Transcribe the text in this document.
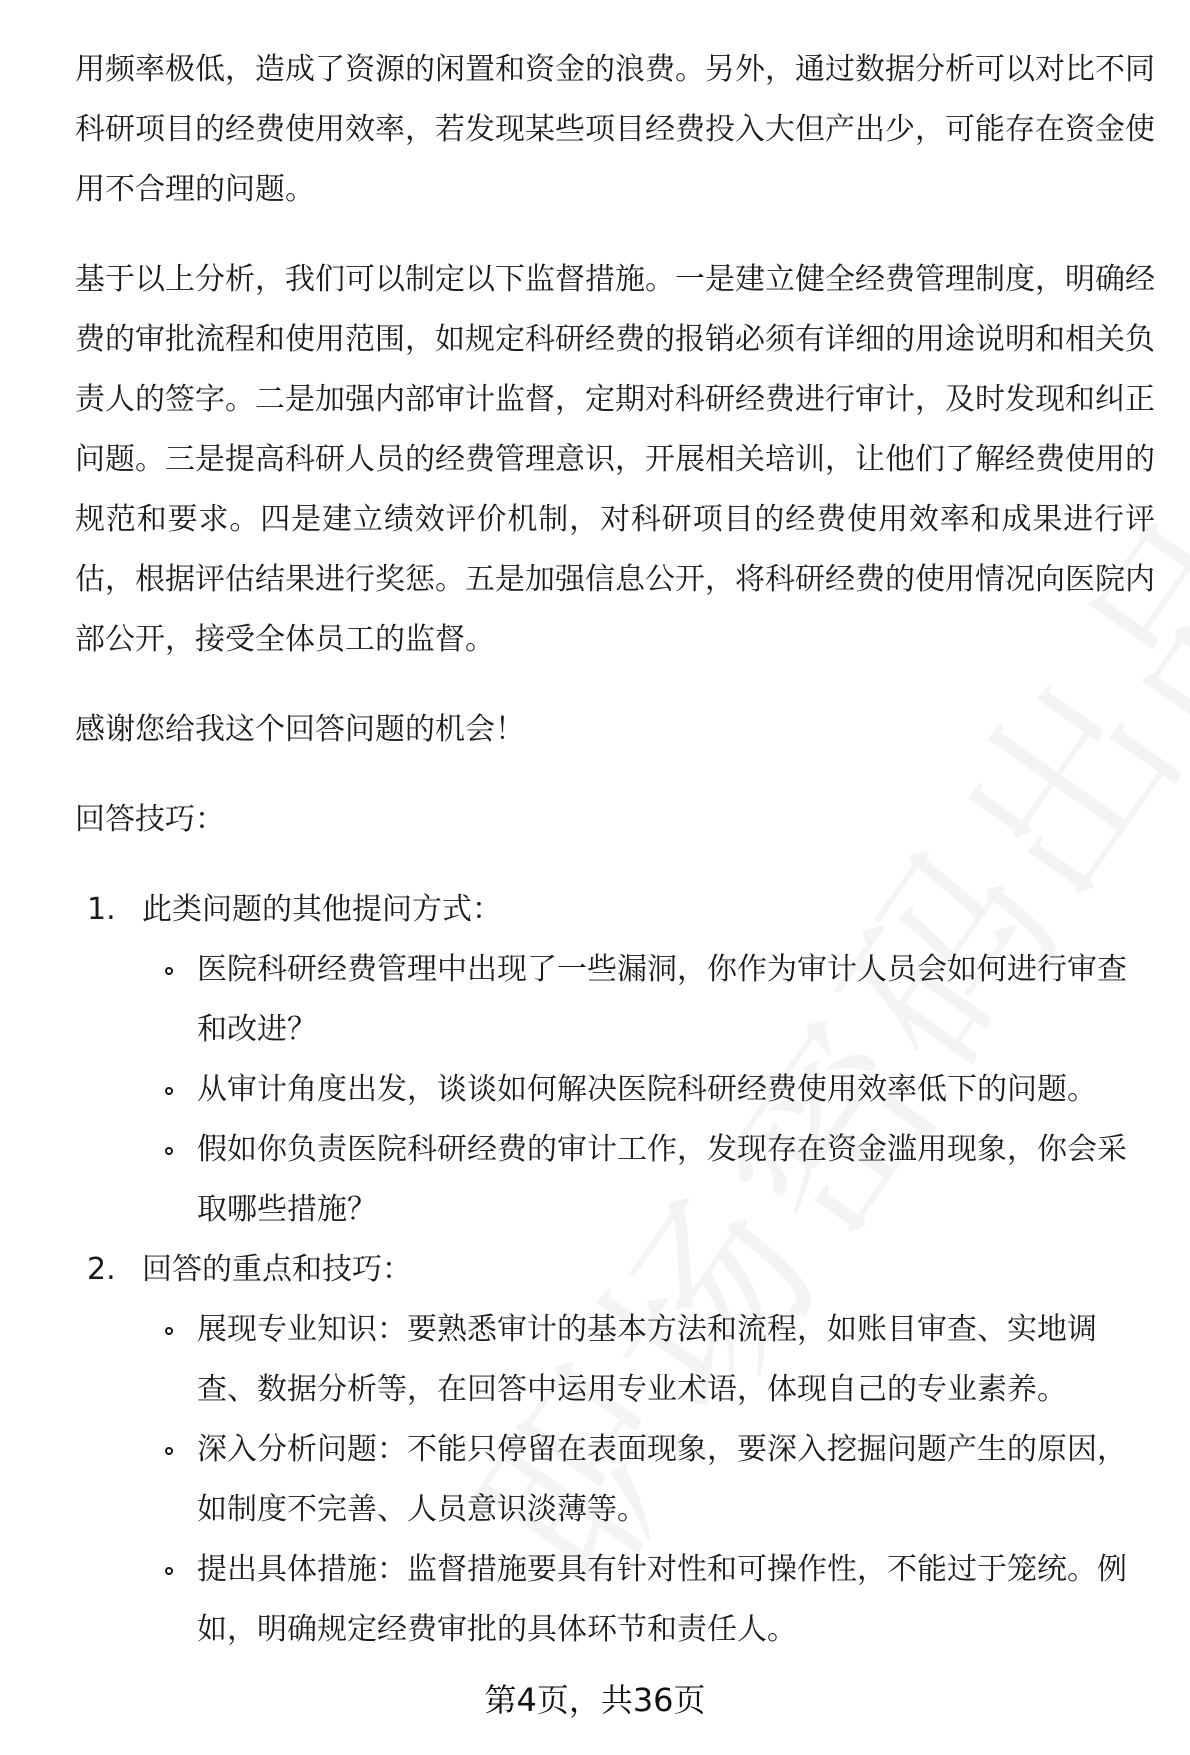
用频率极低，造成了资源的闲置和资金的浪费。另外，通过数据分析可以对比不同科研项目的经费使用效率，若发现某些项目经费投入大但产出少，可能存在资金使用不合理的问题。

基于以上分析，我们可以制定以下监督措施。一是建立健全经费管理制度，明确经费的审批流程和使用范围，如规定科研经费的报销必须有详细的用途说明和相关负责人的签字。二是加强内部审计监督，定期对科研经费进行审计，及时发现和纠正问题。三是提高科研人员的经费管理意识，开展相关培训，让他们了解经费使用的规范和要求。四是建立绩效评价机制，对科研项目的经费使用效率和成果进行评估，根据评估结果进行奖惩。五是加强信息公开，将科研经费的使用情况向医院内部公开，接受全体员工的监督。

感谢您给我这个回答问题的机会！

回答技巧：

1. 此类问题的其他提问方式：
医院科研经费管理中出现了一些漏洞，你作为审计人员会如何进行审查和改进？
从审计角度出发，谈谈如何解决医院科研经费使用效率低下的问题。
假如你负责医院科研经费的审计工作，发现存在资金滥用现象，你会采取哪些措施？
2. 回答的重点和技巧：
展现专业知识：要熟悉审计的基本方法和流程，如账目审查、实地调查、数据分析等，在回答中运用专业术语，体现自己的专业素养。
深入分析问题：不能只停留在表面现象，要深入挖掘问题产生的原因，如制度不完善、人员意识淡薄等。
提出具体措施：监督措施要具有针对性和可操作性，不能过于笼统。例如，明确规定经费审批的具体环节和责任人。
第4页，共36页
